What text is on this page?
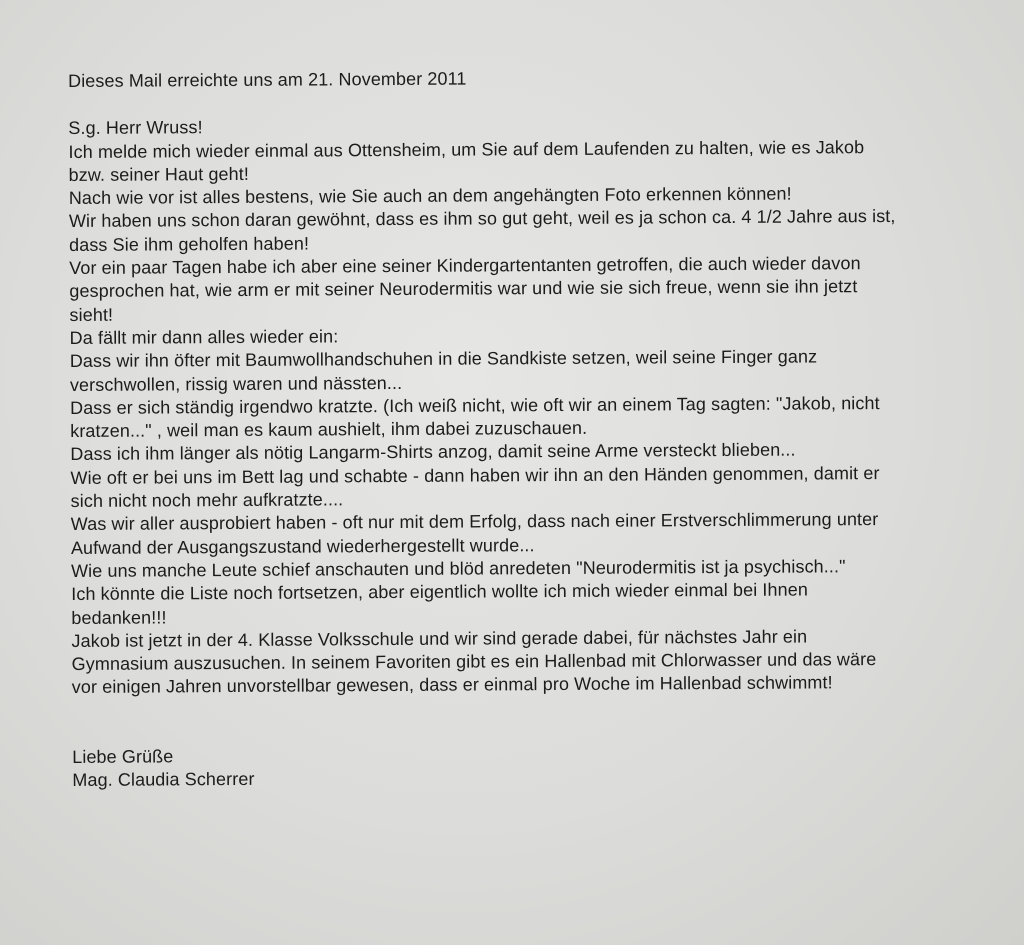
Dieses Mail erreichte uns am 21. November 2011
S.g. Herr Wruss!
Ich melde mich wieder einmal aus Ottensheim, um Sie auf dem Laufenden zu halten, wie es Jakob
bzw. seiner Haut geht!
Nach wie vor ist alles bestens, wie Sie auch an dem angehängten Foto erkennen können!
Wir haben uns schon daran gewöhnt, dass es ihm so gut geht, weil es ja schon ca. 4 1/2 Jahre aus ist,
dass Sie ihm geholfen haben!
Vor ein paar Tagen habe ich aber eine seiner Kindergartentanten getroffen, die auch wieder davon
gesprochen hat, wie arm er mit seiner Neurodermitis war und wie sie sich freue, wenn sie ihn jetzt
sieht!
Da fällt mir dann alles wieder ein:
Dass wir ihn öfter mit Baumwollhandschuhen in die Sandkiste setzen, weil seine Finger ganz
verschwollen, rissig waren und nässten...
Dass er sich ständig irgendwo kratzte. (Ich weiß nicht, wie oft wir an einem Tag sagten: "Jakob, nicht
kratzen..." , weil man es kaum aushielt, ihm dabei zuzuschauen.
Dass ich ihm länger als nötig Langarm-Shirts anzog, damit seine Arme versteckt blieben...
Wie oft er bei uns im Bett lag und schabte - dann haben wir ihn an den Händen genommen, damit er
sich nicht noch mehr aufkratzte....
Was wir aller ausprobiert haben - oft nur mit dem Erfolg, dass nach einer Erstverschlimmerung unter
Aufwand der Ausgangszustand wiederhergestellt wurde...
Wie uns manche Leute schief anschauten und blöd anredeten "Neurodermitis ist ja psychisch..."
Ich könnte die Liste noch fortsetzen, aber eigentlich wollte ich mich wieder einmal bei Ihnen
bedanken!!!
Jakob ist jetzt in der 4. Klasse Volksschule und wir sind gerade dabei, für nächstes Jahr ein
Gymnasium auszusuchen. In seinem Favoriten gibt es ein Hallenbad mit Chlorwasser und das wäre
vor einigen Jahren unvorstellbar gewesen, dass er einmal pro Woche im Hallenbad schwimmt!
Liebe Grüße
Mag. Claudia Scherrer
